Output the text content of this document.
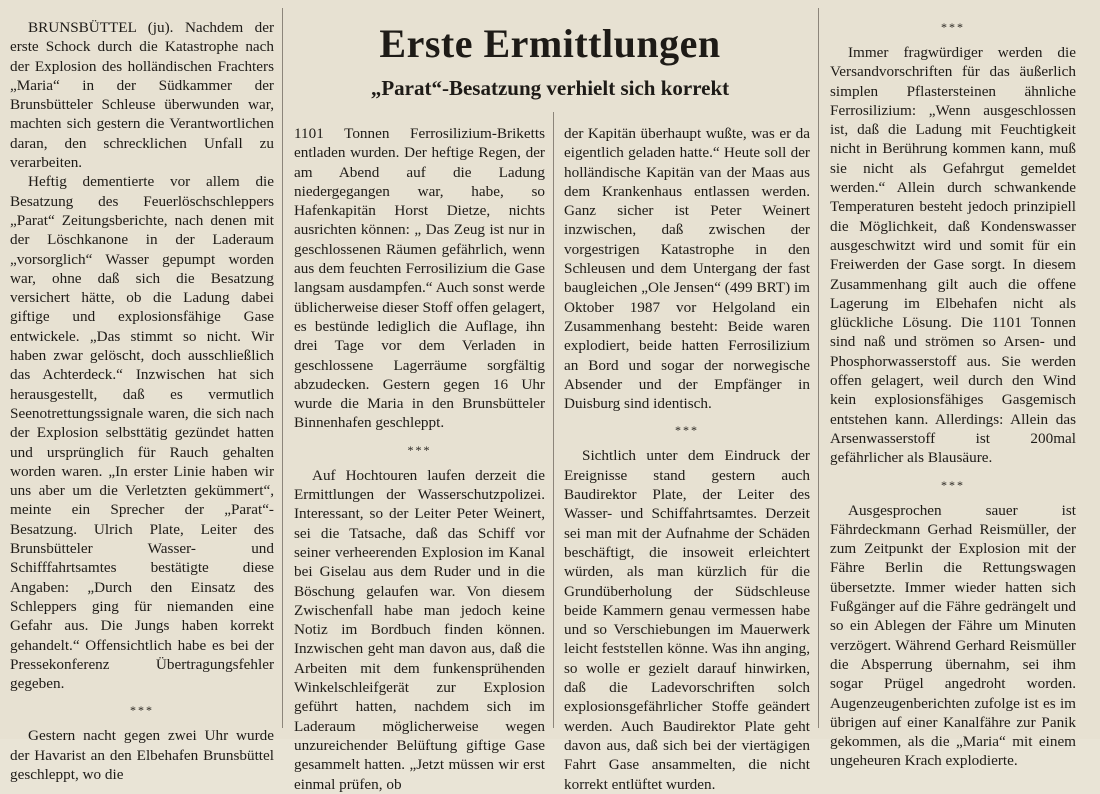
Erste Ermittlungen
„Parat“-Besatzung verhielt sich korrekt

BRUNSBÜTTEL (ju). Nachdem der erste Schock durch die Katastrophe nach der Explosion des holländischen Frachters „Maria“ in der Südkammer der Brunsbütteler Schleuse überwunden war, machten sich gestern die Verantwortlichen daran, den schrecklichen Unfall zu verarbeiten.

Heftig dementierte vor allem die Besatzung des Feuerlöschschleppers „Parat“ Zeitungsberichte, nach denen mit der Löschkanone in der Laderaum „vorsorglich“ Wasser gepumpt worden war, ohne daß sich die Besatzung versichert hätte, ob die Ladung dabei giftige und explosionsfähige Gase entwickele. „Das stimmt so nicht. Wir haben zwar gelöscht, doch ausschließlich das Achterdeck.“ Inzwischen hat sich herausgestellt, daß es vermutlich Seenotrettungssignale waren, die sich nach der Explosion selbsttätig gezündet hatten und ursprünglich für Rauch gehalten worden waren. „In erster Linie haben wir uns aber um die Verletzten gekümmert“, meinte ein Sprecher der „Parat“-Besatzung. Ulrich Plate, Leiter des Brunsbütteler Wasser- und Schifffahrtsamtes bestätigte diese Angaben: „Durch den Einsatz des Schleppers ging für niemanden eine Gefahr aus. Die Jungs haben korrekt gehandelt.“ Offensichtlich habe es bei der Pressekonferenz Übertragungsfehler gegeben.

***

Gestern nacht gegen zwei Uhr wurde der Havarist an den Elbehafen Brunsbüttel geschleppt, wo die

1101 Tonnen Ferrosilizium-Briketts entladen wurden. Der heftige Regen, der am Abend auf die Ladung niedergegangen war, habe, so Hafenkapitän Horst Dietze, nichts ausrichten können: „ Das Zeug ist nur in geschlossenen Räumen gefährlich, wenn aus dem feuchten Ferrosilizium die Gase langsam ausdampfen.“ Auch sonst werde üblicherweise dieser Stoff offen gelagert, es bestünde lediglich die Auflage, ihn drei Tage vor dem Verladen in geschlossene Lagerräume sorgfältig abzudecken. Gestern gegen 16 Uhr wurde die Maria in den Brunsbütteler Binnenhafen geschleppt.

***

Auf Hochtouren laufen derzeit die Ermittlungen der Wasserschutzpolizei. Interessant, so der Leiter Peter Weinert, sei die Tatsache, daß das Schiff vor seiner verheerenden Explosion im Kanal bei Giselau aus dem Ruder und in die Böschung gelaufen war. Von diesem Zwischenfall habe man jedoch keine Notiz im Bordbuch finden können. Inzwischen geht man davon aus, daß die Arbeiten mit dem funkensprühenden Winkelschleifgerät zur Explosion geführt hatten, nachdem sich im Laderaum möglicherweise wegen unzureichender Belüftung giftige Gase gesammelt hatten. „Jetzt müssen wir erst einmal prüfen, ob

der Kapitän überhaupt wußte, was er da eigentlich geladen hatte.“ Heute soll der holländische Kapitän van der Maas aus dem Krankenhaus entlassen werden. Ganz sicher ist Peter Weinert inzwischen, daß zwischen der vorgestrigen Katastrophe in den Schleusen und dem Untergang der fast baugleichen „Ole Jensen“ (499 BRT) im Oktober 1987 vor Helgoland ein Zusammenhang besteht: Beide waren explodiert, beide hatten Ferrosilizium an Bord und sogar der norwegische Absender und der Empfänger in Duisburg sind identisch.

***

Sichtlich unter dem Eindruck der Ereignisse stand gestern auch Baudirektor Plate, der Leiter des Wasser- und Schiffahrtsamtes. Derzeit sei man mit der Aufnahme der Schäden beschäftigt, die insoweit erleichtert würden, als man kürzlich für die Grundüberholung der Südschleuse beide Kammern genau vermessen habe und so Verschiebungen im Mauerwerk leicht feststellen könne. Was ihn anging, so wolle er gezielt darauf hinwirken, daß die Ladevorschriften solch explosionsgefährlicher Stoffe geändert werden. Auch Baudirektor Plate geht davon aus, daß sich bei der viertägigen Fahrt Gase ansammelten, die nicht korrekt entlüftet wurden.

***

Immer fragwürdiger werden die Versandvorschriften für das äußerlich simplen Pflastersteinen ähnliche Ferrosilizium: „Wenn ausgeschlossen ist, daß die Ladung mit Feuchtigkeit nicht in Berührung kommen kann, muß sie nicht als Gefahrgut gemeldet werden.“ Allein durch schwankende Temperaturen besteht jedoch prinzipiell die Möglichkeit, daß Kondenswasser ausgeschwitzt wird und somit für ein Freiwerden der Gase sorgt. In diesem Zusammenhang gilt auch die offene Lagerung im Elbehafen nicht als glückliche Lösung. Die 1101 Tonnen sind naß und strömen so Arsen- und Phosphorwasserstoff aus. Sie werden offen gelagert, weil durch den Wind kein explosionsfähiges Gasgemisch entstehen kann. Allerdings: Allein das Arsenwasserstoff ist 200mal gefährlicher als Blausäure.

***

Ausgesprochen sauer ist Fährdeckmann Gerhad Reismüller, der zum Zeitpunkt der Explosion mit der Fähre Berlin die Rettungswagen übersetzte. Immer wieder hatten sich Fußgänger auf die Fähre gedrängelt und so ein Ablegen der Fähre um Minuten verzögert. Während Gerhard Reismüller die Absperrung übernahm, sei ihm sogar Prügel angedroht worden. Augenzeugenberichten zufolge ist es im übrigen auf einer Kanalfähre zur Panik gekommen, als die „Maria“ mit einem ungeheuren Krach explodierte.
